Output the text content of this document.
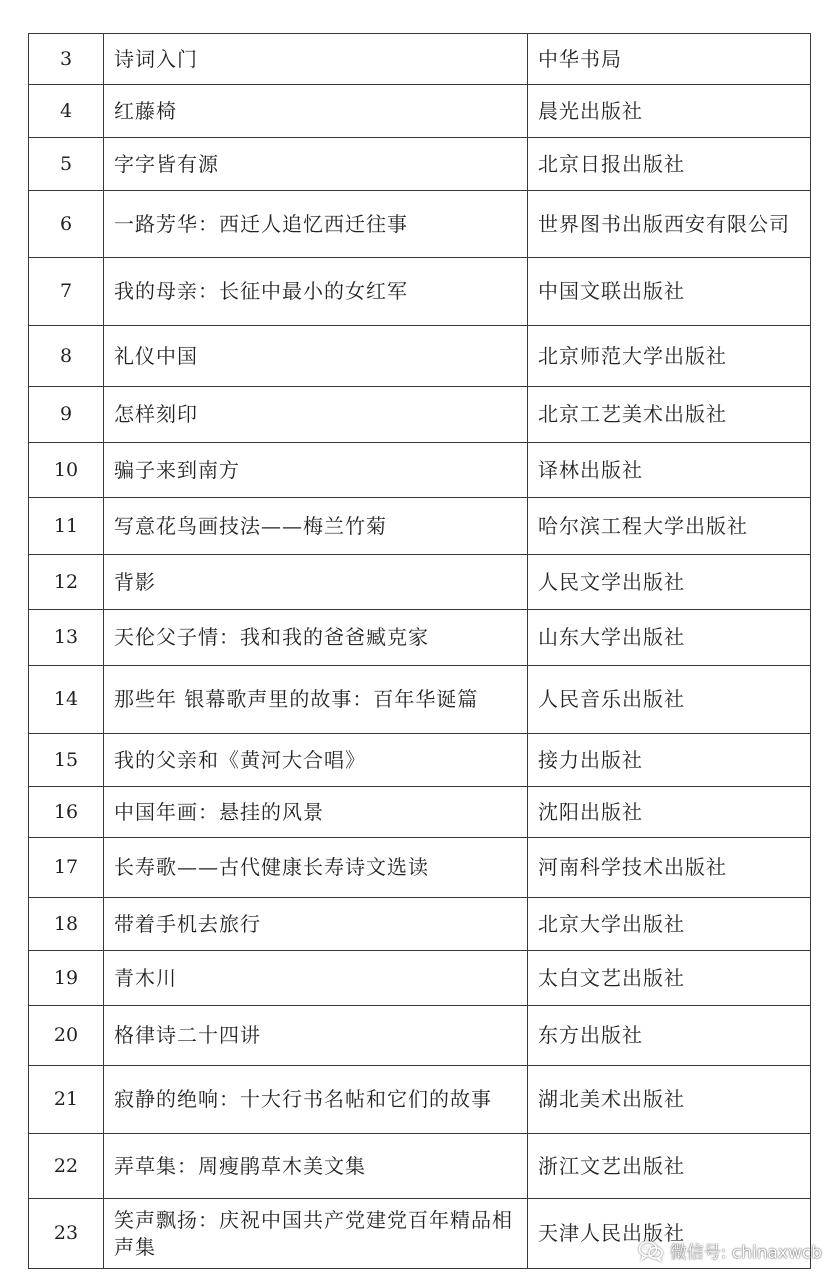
3	诗词入门	中华书局
4	红藤椅	晨光出版社
5	字字皆有源	北京日报出版社
6	一路芳华：西迁人追忆西迁往事	世界图书出版西安有限公司
7	我的母亲：长征中最小的女红军	中国文联出版社
8	礼仪中国	北京师范大学出版社
9	怎样刻印	北京工艺美术出版社
10	骗子来到南方	译林出版社
11	写意花鸟画技法——梅兰竹菊	哈尔滨工程大学出版社
12	背影	人民文学出版社
13	天伦父子情：我和我的爸爸臧克家	山东大学出版社
14	那些年 银幕歌声里的故事：百年华诞篇	人民音乐出版社
15	我的父亲和《黄河大合唱》	接力出版社
16	中国年画：悬挂的风景	沈阳出版社
17	长寿歌——古代健康长寿诗文选读	河南科学技术出版社
18	带着手机去旅行	北京大学出版社
19	青木川	太白文艺出版社
20	格律诗二十四讲	东方出版社
21	寂静的绝响：十大行书名帖和它们的故事	湖北美术出版社
22	弄草集：周瘦鹃草木美文集	浙江文艺出版社
23	笑声飘扬：庆祝中国共产党建党百年精品相声集	天津人民出版社
微信号: chinaxwcb
